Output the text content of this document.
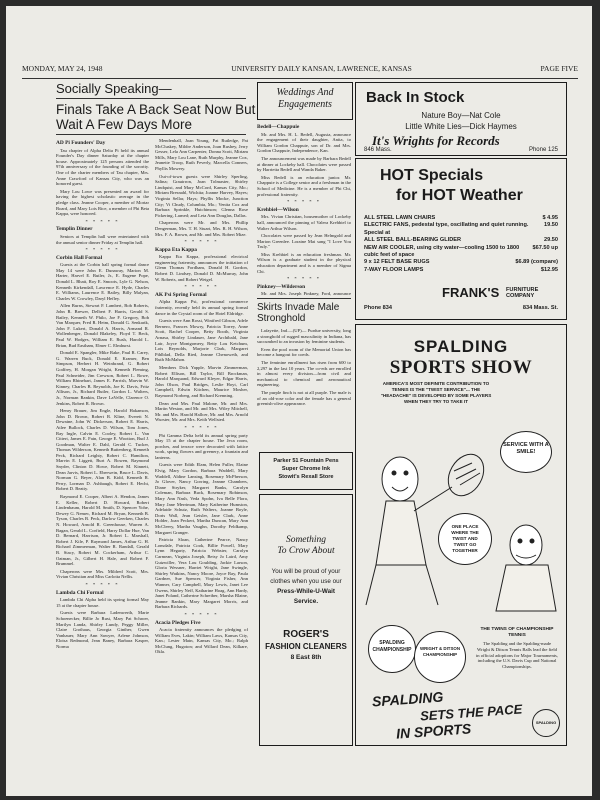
MONDAY, MAY 24, 1948	UNIVERSITY DAILY KANSAN, LAWRENCE, KANSAS	PAGE FIVE
Socially Speaking—
Finals Take A Back Seat Now But Wait A Few Days More

AD Pi Founders' Day

Tau chapter of Alpha Delta Pi held its annual Founder's Day dinner Saturday at the chapter house. Approximately 125 persons attended the 97th anniversary of the founding of the sorority. One of the charter members of Tau chapter, Mrs. Anne Crawford of Kansas City, who was an honored guest.

Mary Lou Lowe was presented an award for having the highest scholastic average in the pledge class. Jeanne Cooper, a member of Mortar Board, and Mary Lois Rice, a member of Phi Beta Kappa, were honored.

* * * * *

Templin Dinner

Seniors at Templin hall were entertained with the annual senior dinner Friday at Templin hall.

* * * * *

Corbin Hall Formal

Guests at the Corbin hall spring formal dance May 14 were John E. Dunaway, Marion M. Harter, Harvel E. Butler, Jr., E. Eugene Pope, Donald L. Bhatt, Roy E. Smoots, Lyle G. Nelson, Kenneth Kirkendall, Lawrence E. Hyde, Charles E. Williams, Laurence E. Bailey, Billy Malyan, Charles W. Crowley, Daryl Hefley.

Allen Burns, Stewart F. Lambert, Bob Roberts, John R. Brewer, Delbert F. Harris, Gerald S. Bailey, Kenneth W. Philo, Joe F. Gregory, Bob Van Marquer, Fred R. Heim, Donald G. Senkarik, John F. Lukert, Donald A. Harris, Armand R. Wollenberger, Donald Blakeley, Floyd T. Beck, Paul W. Hodges, William E. Rush, Harold L. Brian, Bud Eastham, Elmer C. Elmhurst.

Donald E. Spangler, Mike Rake, Paul R. Carey, G. Warren Buck, Donald E. Kramer, Ben Simpson, Herbert H. Weinbrand, G. Robert Godfrey, H. Morgan Wright, Kenneth Fleming, Paul Schneider, Jim Crewson, Robert L. Rowe, William Rhinehart, James E. Parrish, Marvin W. Kinney, Charles B. Reynolds, Joe K. Davis, Fritz Allison, Jr., Richard Butler, Gordon L. Walters, Jr., Norman Rankin, Dave LaVelle, Clarence O. Jenkins, Robert R. Brown.

Henry Brauer, Jim Engle, Harold Hakanson, John D. Brown, Robert R. Kline, Everett N. Dewaine, John W. Dickerson, Robert E. Harris, Atlee Bullock, Charles D. Wilson, Tom Jones, Ray Ingle, Calvin E. Cooley, Robert L. Van Cittert, James E. Fain, George E. Wootton, Bud J. Goodman, Walter E. Dahl, Gerald C. Tucker, Thomas Wilderson, Kenneth Buttenberg, Kenneth Peck, Richard Leighty, Robert C. Hamilton, Marvin E. Liggett, Burt A. Bowen, Raymond Snyder, Clinton D. Howe, Robert M. Kinnett, Dean Jarvis, Robert L. Eberwein, Bruce L. Davis, Norman G. Beyer, Alan B. Kidd, Kenneth R. Perry, Lorman D. Ashbaugh, Robert E. Hecht, Robert D. Beatty.

Raymond E. Cooper, Albert A. Hendon, James E. Keller, Robert D. Howard, Robert Lindenbaum, Harold M. Smith, D. Spencer Yohe, Dewey G. Nemec, Richard M. Bryan, Kenneth B. Tyson, Charles B. Peck, Darlow Geerken, Charles N. Howard, Arnold R. Greenhouse, Warren A. Bagan, Gerald L. Corfield, Harry Dollar Hue, Van D. Bernard, Harrison, Jr. Robert L. Marshall, Robert J. Kile, P. Raymond James, Arthur G. H. Richard Zimmerman, Walter R. Randall, Gerald B. Stacy, Robert M. Cockerham, Arthur C. Oatman, Jr., Gilbert H. Hale, and Robert F. Brummel.

Chaperons were Mrs. Mildred Scott, Mrs. Vivian Christian and Miss Carlotta Nellis.

* * * * *

Lambda Chi Formal

Lambda Chi Alpha held its spring formal May 15 at the chapter house.

Guests were Barbara Ladenwerth, Marie Schoenecker, Billie Jo Rust, Mary Pat Schroer, Marilyn Landa, Shirley Lundy, Peggy Miller, Claire Grothaus, Georgia Ginther, Gwen Vanhauer, Mary Ann Sawyer, Arlene Johnson, Eloisa Redmond, Jean Baney, Barbara Kasper, Norma

Mendenhall, Joan Young, Pat Rutledge, Pat McCluskey, Mildre Anderson, Joan Rushey, Jerry Gesser, Lela Ann Carpenter, Donna Scott, Miriam Mills, Mary Lou Lane, Ruth Murphy, Jeanne Cox, Jeanette Troop, Ruth Feverly, Marcella Conners, Phyllis Mowery.

Out-of-town guests were Shirley Sperling, Salina; Grauirron, Joan Tolmaster, Shirley Lindquist, and Mary McCord, Kansas City, Mo.; Miriam Bresnahl, Wichita; Joanne Harvey, Hayes; Virginia Sellar, Hays; Phyllis Mocke, Junction City; Vi Chudy, Columbia, Mo.; Venita Cox and Barbara Sprinkle, Hutchinson; Glenna Rose Pickering, Larned; and Leta Ann Douglas, Dallas.

Chaperons were Mr. and Mrs. Phillip Dengerman, Mrs. T. H. Stuart, Mrs. R. H. Wilson, Mrs. F. A. Brown, and Mr. and Mrs. Robert Mize.

* * * * *

Kappa Eta Kappa

Kappa Eta Kappa, professional electrical engineering fraternity, announces the initiation of Glenn Thomas Fordham, Donald H. Gordon, Robert D. Lindsey, Donald D. McMurray, John W. Roberts, and Robert Weigel.

* * * * *

AK Psi Spring Formal

Alpha Kappa Psi, professional commerce fraternity, recently held its annual spring formal dance in the Crystal room of the Hotel Eldridge.

Guests were Ann Rossi, Winifred Gibson, Adele Bernero, Frances Mowry, Patricia Torrey, Anne Scott, Rachel Cooper, Betty Booth, Virginia Arnasa, Shirley Lindauer, Jane Archibald, Jane Lair, Joyce Montgomery, Betty Lou Ketchum, Lois Reynolds, Marjorie Clark, Margaret Pihlblad, Della Ried, Jeanne Chenoweth, and Ruth McMahon.

Members Dick Yapple, Marvin Zimmerman, Robert Ellison, Bill Taylor, Bill Brockman, Harold Marquand, Edward Kleyer, Edgar Harris, John Olson, Paul Bridges, Leslie Hoyt, Carl Campbell, Edwin Kitchen, Maurice Mosher, Raymond Norberg, and Richard Krenning.

Dean and Mrs. Paul Malone, Mr. and Mrs. Martin Weston, and Mr. and Mrs. Wiley Mitchell, Mr. and Mrs. Harold Hallcer, Mr. and Mrs. Arnold Wurster, Mr. and Mrs. Keith Wellsted.

* * * * *

Phi Gamma Delta held its annual spring party May 15 at the chapter house. The Jeca room, porches, and terrace were decorated with lattice work, spring flowers and greenery, a fountain and lanterns.

Guests were Edith Elam, Helen Fuller, Elaine Elvig, Mary Gordon, Barbara Waddell, Mary Waddell, Aldine Lansing, Rosemary McPherson, Jo Glover, Nancy Gorring, Jeanne Chambers, Diane Stryker, Margaret Banks, Carolyn Coleman, Barbara Buck, Rosemary Robinson, Mary Ann Nash, Veda Spohn, Iva Belle Flora, Mary Jane Merriman, Mary Katherine Humston, Adelaide Schutz, Ruth Walters, Joanne Boyle, Doris Wall, Jean Geisler, Jane Clark, Anne Holder, Joan Peckert, Martha Duncan, Mary Ann McCleery, Martha Vaughn, Dorothy Feldkamp, Margaret Granger.

Patricia Sloan, Catherine Pearce, Nancy Lonsdale, Patricia Cook, Billie Powell, Mary Lynn Hegarty, Patricia Webster, Carolyn Carmean, Virginia Joseph, Betsy Jo Laird, Amy Gutzwiller, Vera Lou Goulding, Jackie Larson, Gloria Wessner, Harriet Wright, Jane Swingle, Shirley Watkins, Nancy Moore, Joyce Ray, Paula Gardner, Sue Spencer, Virginia Fisher, Ann Wanner, Cary Campbell, Mary Lewis, Janet Lee Owens, Shirley Neff, Katharine Hoag, Ann Hardy, Janet Poland, Catherine Schreiber, Marsha Blaine, Jeanne Rankin, Mary Margaret Morris, and Barbara Richards.

* * * * *

Acacia Pledges Five

Acacia fraternity announces the pledging of William Eves, Lakin; William Laws, Kansas City, Kan.; Lester Main, Kansas City, Mo.; Ralph McClung, Hugoton; and Willard Dean, Kilkare, Okla.

Weddings And Engagements

Bedell—Chappuie

Mr. and Mrs. H. L. Bedell, Augusta, announce the engagement of their daughter, Anita, to William Gordon Chappuie, son of Dr. and Mrs. Gordon Chappuie, Independence, Kan.

The announcement was made by Barbara Bedell at dinner at Lockeby hall. Chocolates were passed by Harrietta Bedell and Wanda Baker.

Miss Bedell is an education junior. Mr. Chappuie is a College senior and a freshman in the School of Medicine. He is a member of Phi Chi, professional fraternity.

* * * * *

Krehbiel—Wilson

Mrs. Vivian Christian, housemother of Lockeby hall, announced the pinning of Valera Krehbiel to Walter Arthur Wilson.

Chocolates were passed by Jean Helmgold and Marion Greenlee. Loraine Mai sang "I Love You Truly."

Miss Krehbiel is an education freshman. Mr. Wilson is a graduate student in the physical education department and is a member of Sigma Chi.

* * * * *

Pinkney—Wilderson

Mr. and Mrs. Joseph Pinkney, Ford, announce

Skirts Invade Male Stronghold

Lafayette, Ind.—(UP)— Purdue university, long a stronghold of rugged masculinity in Indiana, has succumbed to an invasion by feminine students.

Even the pool room of the Memorial Union has become a hangout for coeds.

The feminine enrollment has risen from 600 to 2,297 in the last 10 years. The co-eds are enrolled in almost every division—from civil and mechanical to chemical and aeronautical engineering.

The purple finch is not at all purple. The male is of an old-rose color and the female has a general greenish-olive appearance.

Parker 51 Fountain Pens
Super Chrome Ink
Stowit's Rexall Store
Something
To Crow About
You will be proud of your clothes when you use our
Press-While-U-Wait Service.
ROGER'S
FASHION CLEANERS
8 East 8th
Back In Stock
Nature Boy—Nat Cole
Little White Lies—Dick Haymes
It's Wrights for Records
846 Mass.	Phone 125
HOT Specials
for HOT Weather
ALL STEEL LAWN CHAIRS	$ 4.95
ELECTRIC FANS, pedestal type, oscillating and quiet running. Special at
19.50
ALL STEEL BALL-BEARING GLIDER	29.50
NEW AIR COOLER, using city water—cooling 1500 to 1800 cubic feet of space
$67.50 up
9 x 12 FELT BASE RUGS	$6.89 (compare)
7-WAY FLOOR LAMPS	$12.95
FRANK'S FURNITURE COMPANY
Phone 834	834 Mass. St.
SPALDING
SPORTS SHOW
AMERICA'S MOST DEFINITE CONTRIBUTION TO TENNIS IS THE "TWIST SERVICE"... THE "HEADACHE" IS DEVELOPED BY SOME PLAYERS WHEN THEY TRY TO TAKE IT
SERVICE WITH A SMILE!
ONE PLACE WHERE THE TWIST AND TWIST GO TOGETHER
SPALDING CHAMPIONSHIP	WRIGHT & DITSON CHAMPIONSHIP
THE TWINS OF CHAMPIONSHIP TENNIS
The Spalding and the Spalding-made Wright & Ditson Tennis Balls lead the field in official adoptions for Major Tournaments, including the U.S. Davis Cup and National Championships.
SPALDING
SETS THE PACE
IN SPORTS	SPALDING
